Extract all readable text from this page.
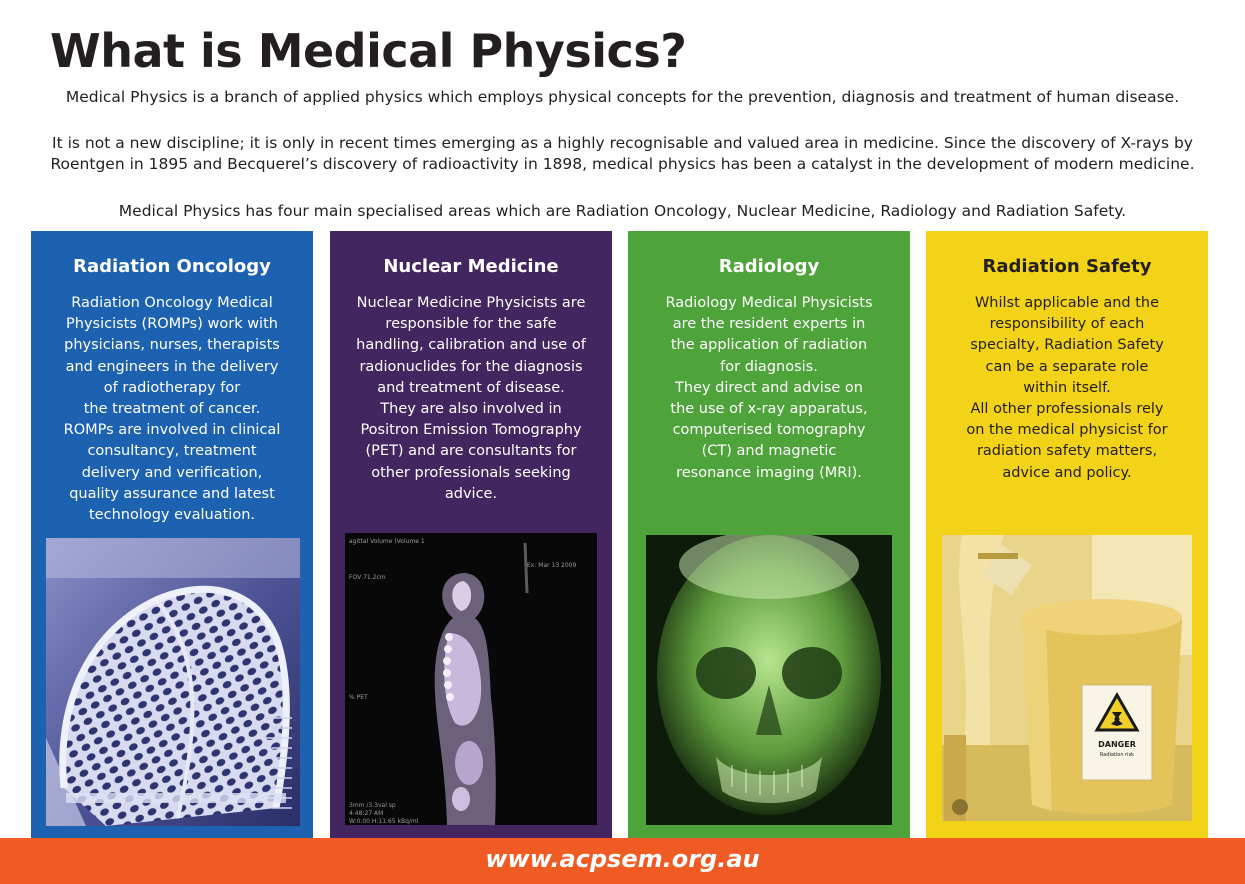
What is Medical Physics?

Medical Physics is a branch of applied physics which employs physical concepts for the prevention, diagnosis and treatment of human disease.

It is not a new discipline; it is only in recent times emerging as a highly recognisable and valued area in medicine. Since the discovery of X-rays by
Roentgen in 1895 and Becquerel’s discovery of radioactivity in 1898, medical physics has been a catalyst in the development of modern medicine.

Medical Physics has four main specialised areas which are Radiation Oncology, Nuclear Medicine, Radiology and Radiation Safety.

Radiation Oncology

Radiation Oncology Medical
Physicists (ROMPs) work with
physicians, nurses, therapists
and engineers in the delivery
of radiotherapy for
the treatment of cancer.
ROMPs are involved in clinical
consultancy, treatment
delivery and verification,
quality assurance and latest
technology evaluation.

Nuclear Medicine

Nuclear Medicine Physicists are
responsible for the safe
handling, calibration and use of
radionuclides for the diagnosis
and treatment of disease.
They are also involved in
Positron Emission Tomography
(PET) and are consultants for
other professionals seeking
advice.

agittal Volume (Volume 1
Ex: Mar 13 2009
FOV 71.2cm
% PET
3mm /3.3val sp
4:48:27 AM
W:0.00 H:11.65 kBq/ml
Radiology

Radiology Medical Physicists
are the resident experts in
the application of radiation
for diagnosis.
They direct and advise on
the use of x-ray apparatus,
computerised tomography
(CT) and magnetic
resonance imaging (MRI).

Radiation Safety

Whilst applicable and the
responsibility of each
specialty, Radiation Safety
can be a separate role
within itself.
All other professionals rely
on the medical physicist for
radiation safety matters,
advice and policy.

DANGER
Radiation risk
www.acpsem.org.au
